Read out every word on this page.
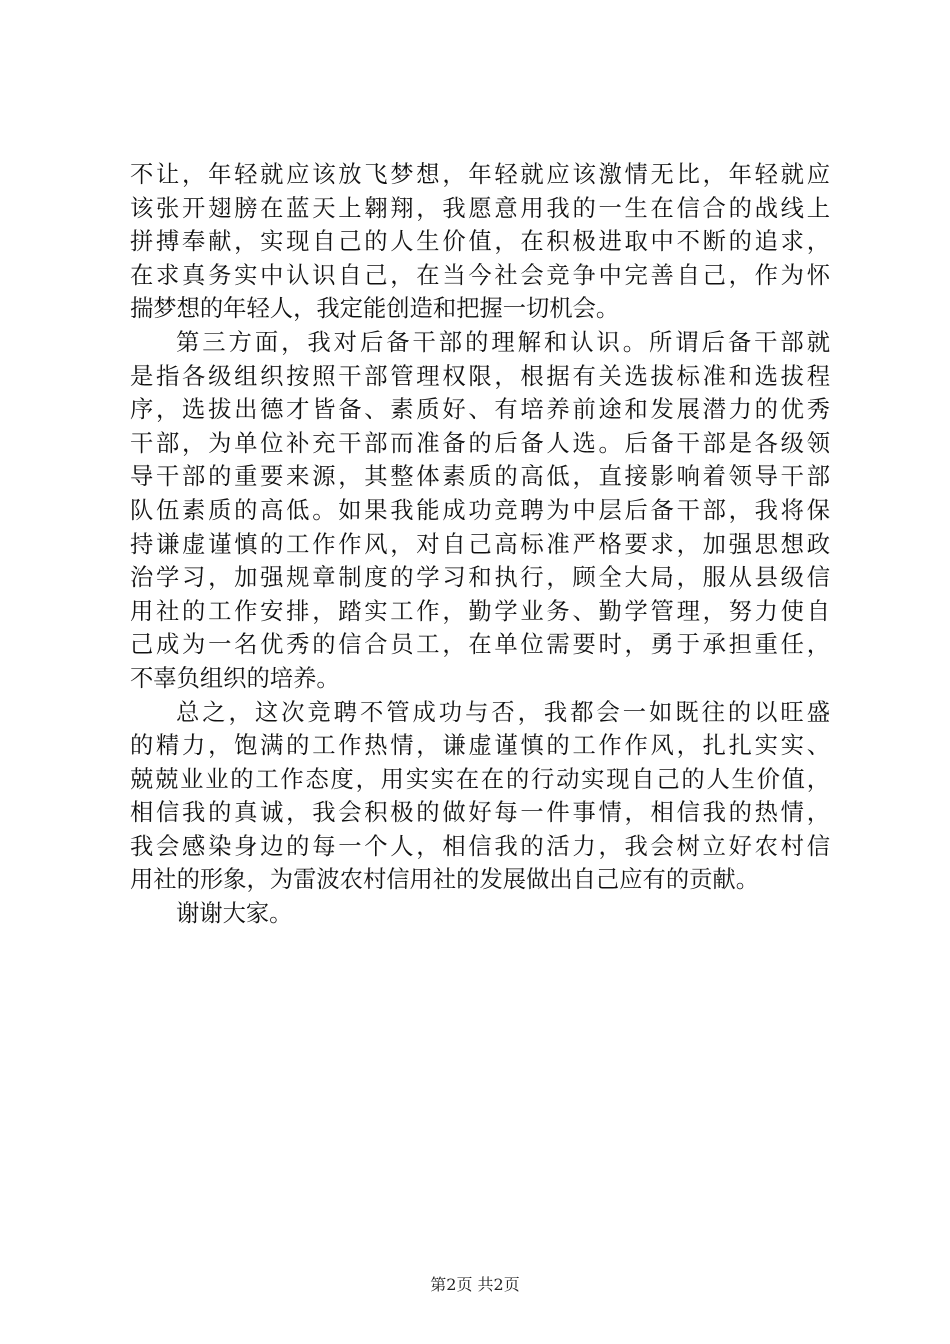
不让，年轻就应该放飞梦想，年轻就应该激情无比，年轻就应
该张开翅膀在蓝天上翱翔，我愿意用我的一生在信合的战线上
拼搏奉献，实现自己的人生价值，在积极进取中不断的追求，
在求真务实中认识自己，在当今社会竞争中完善自己，作为怀
揣梦想的年轻人，我定能创造和把握一切机会。
第三方面，我对后备干部的理解和认识。所谓后备干部就
是指各级组织按照干部管理权限，根据有关选拔标准和选拔程
序，选拔出德才皆备、素质好、有培养前途和发展潜力的优秀
干部，为单位补充干部而准备的后备人选。后备干部是各级领
导干部的重要来源，其整体素质的高低，直接影响着领导干部
队伍素质的高低。如果我能成功竞聘为中层后备干部，我将保
持谦虚谨慎的工作作风，对自己高标准严格要求，加强思想政
治学习，加强规章制度的学习和执行，顾全大局，服从县级信
用社的工作安排，踏实工作，勤学业务、勤学管理，努力使自
己成为一名优秀的信合员工，在单位需要时，勇于承担重任，
不辜负组织的培养。
总之，这次竞聘不管成功与否，我都会一如既往的以旺盛
的精力，饱满的工作热情，谦虚谨慎的工作作风，扎扎实实、
兢兢业业的工作态度，用实实在在的行动实现自己的人生价值，
相信我的真诚，我会积极的做好每一件事情，相信我的热情，
我会感染身边的每一个人，相信我的活力，我会树立好农村信
用社的形象，为雷波农村信用社的发展做出自己应有的贡献。
谢谢大家。
第2页 共2页
